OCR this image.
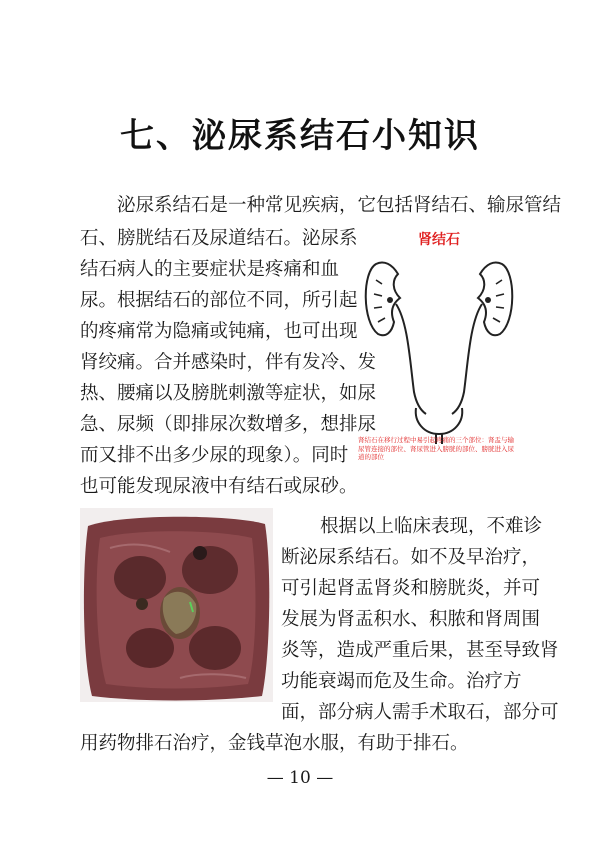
七、泌尿系结石小知识
泌尿系结石是一种常见疾病，它包括肾结石、输尿管结
石、膀胱结石及尿道结石。泌尿系
结石病人的主要症状是疼痛和血
尿。根据结石的部位不同，所引起
的疼痛常为隐痛或钝痛，也可出现
肾绞痛。合并感染时，伴有发冷、发
热、腰痛以及膀胱刺激等症状，如尿
急、尿频（即排尿次数增多，想排尿
而又排不出多少尿的现象）。同时
也可能发现尿液中有结石或尿砂。
肾结石
肾结石在移行过程中易引起疼痛的三个部位：肾盂与输尿管连接的部位、肾尿管进入膀胱的部位、膀胱进入尿道的部位
根据以上临床表现，不难诊
断泌尿系结石。如不及早治疗，
可引起肾盂肾炎和膀胱炎，并可
发展为肾盂积水、积脓和肾周围
炎等，造成严重后果，甚至导致肾
功能衰竭而危及生命。治疗方
面，部分病人需手术取石，部分可
用药物排石治疗，金钱草泡水服，有助于排石。
— 10 —
